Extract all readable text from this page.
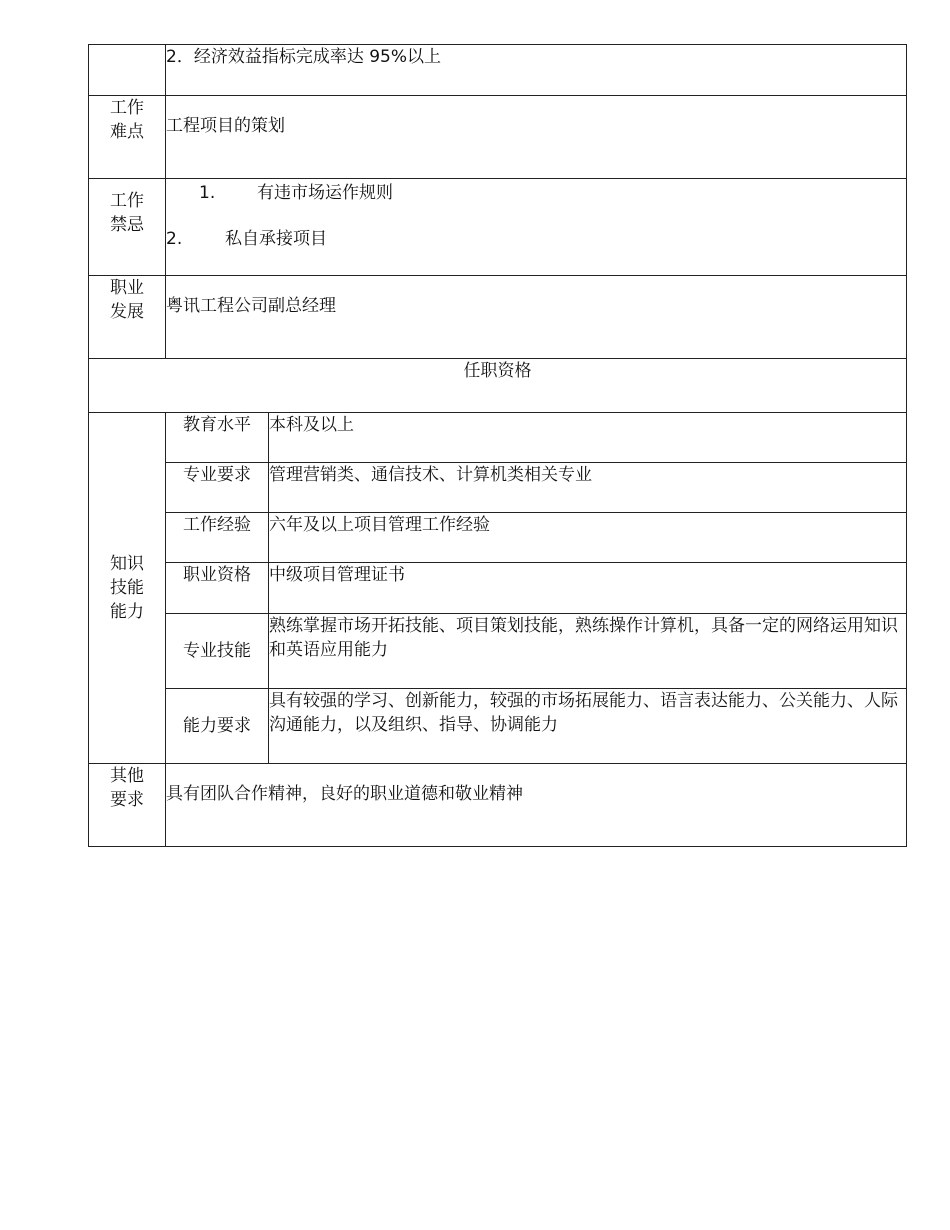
	2．经济效益指标完成率达 95%以上	

工作
难点	工程项目的策划	

工作
禁忌	1. 有违市场运作规则
2. 私自承接项目	

职业
发展	粤讯工程公司副总经理	
任职资格		

知识
技能
能力	教育水平	本科及以上
	专业要求	管理营销类、通信技术、计算机类相关专业
	工作经验	六年及以上项目管理工作经验
	职业资格	中级项目管理证书
	专业技能	熟练掌握市场开拓技能、项目策划技能，熟练操作计算机，具备一定的网络运用知识和英语应用能力
	能力要求	具有较强的学习、创新能力，较强的市场拓展能力、语言表达能力、公关能力、人际沟通能力，以及组织、指导、协调能力

其他
要求	具有团队合作精神，良好的职业道德和敬业精神	
